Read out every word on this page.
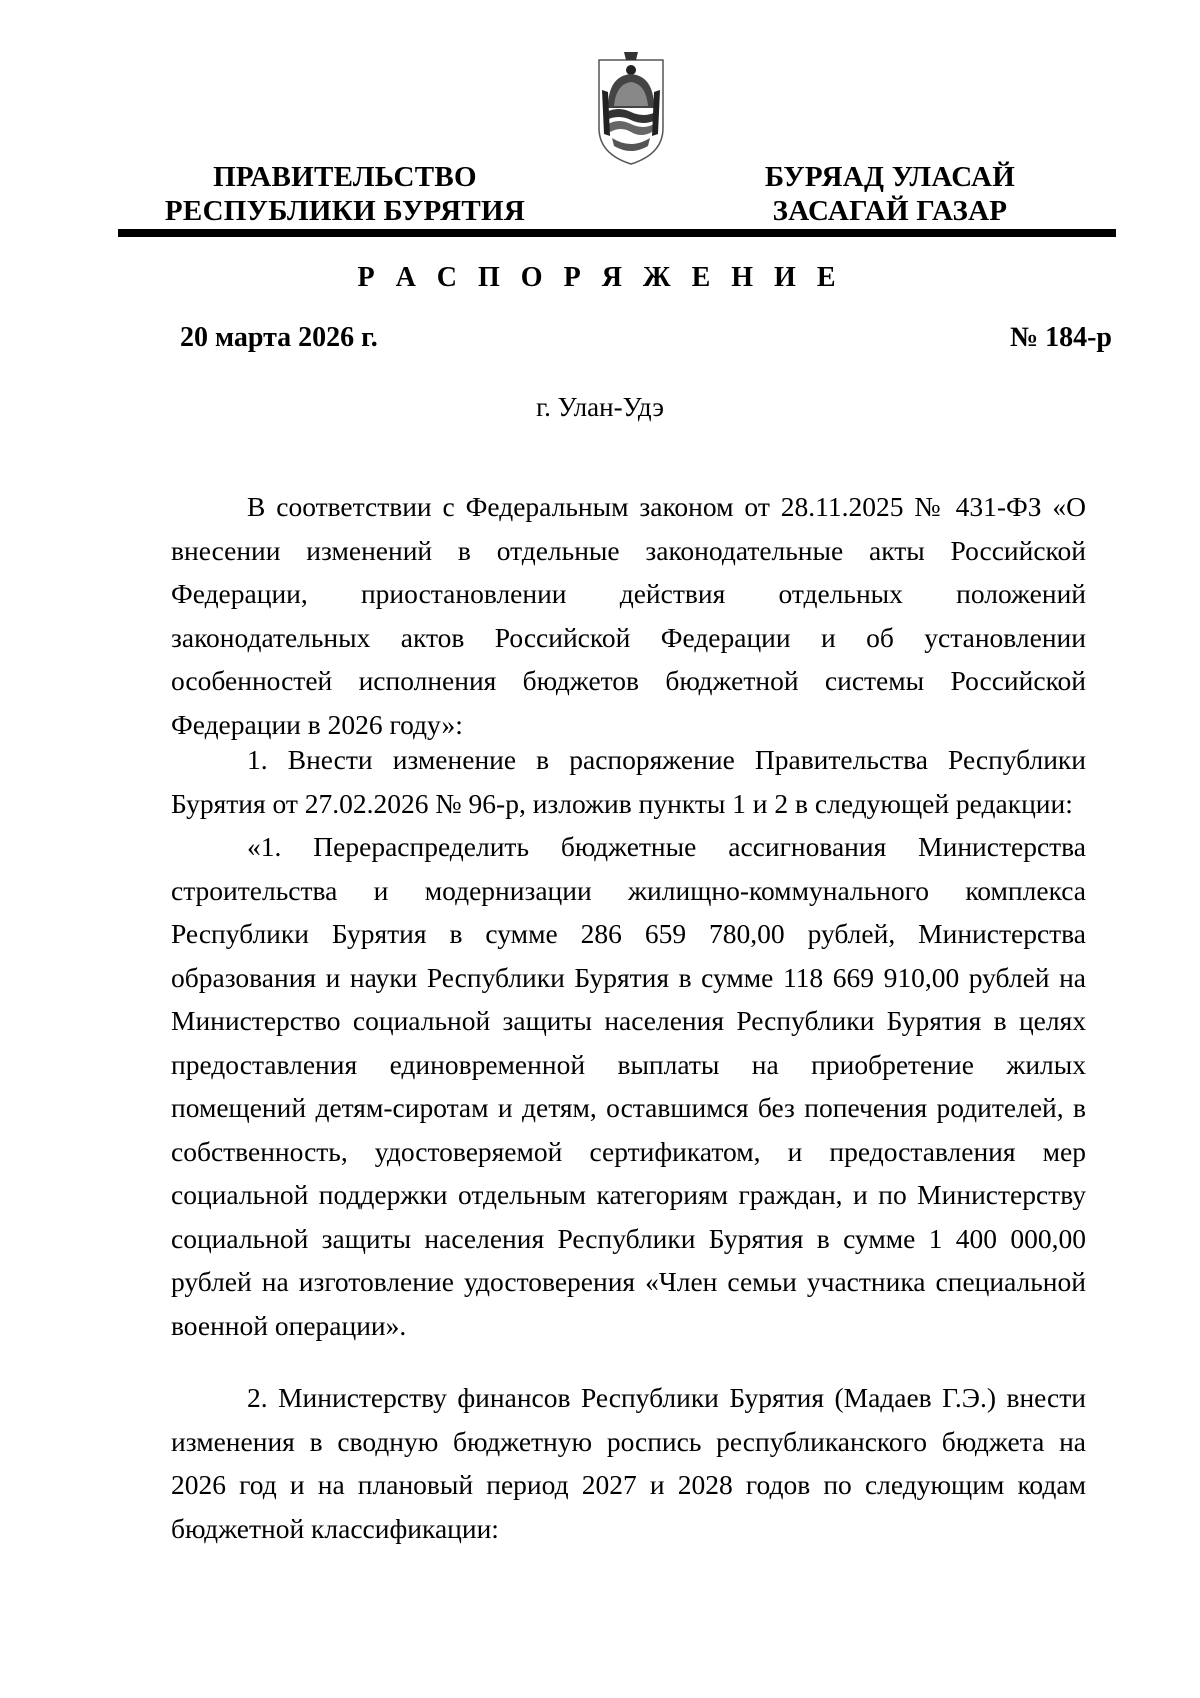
ПРАВИТЕЛЬСТВО
РЕСПУБЛИКИ БУРЯТИЯ
БУРЯАД УЛАСАЙ
ЗАСАГАЙ ГАЗАР
Р А С П О Р Я Ж Е Н И Е
20 марта 2026 г.	№ 184-р
г. Улан-Удэ

В соответствии с Федеральным законом от 28.11.2025 № 431-ФЗ «О внесении изменений в отдельные законодательные акты Российской Федерации, приостановлении действия отдельных положений законодательных актов Российской Федерации и об установлении особенностей исполнения бюджетов бюджетной системы Российской Федерации в 2026 году»:

1. Внести изменение в распоряжение Правительства Республики Бурятия от 27.02.2026 № 96-р, изложив пункты 1 и 2 в следующей редакции:

«1. Перераспределить бюджетные ассигнования Министерства строительства и модернизации жилищно-коммунального комплекса Республики Бурятия в сумме 286 659 780,00 рублей, Министерства образования и науки Республики Бурятия в сумме 118 669 910,00 рублей на Министерство социальной защиты населения Республики Бурятия в целях предоставления единовременной выплаты на приобретение жилых помещений детям-сиротам и детям, оставшимся без попечения родителей, в собственность, удостоверяемой сертификатом, и предоставления мер социальной поддержки отдельным категориям граждан, и по Министерству социальной защиты населения Республики Бурятия в сумме 1 400 000,00 рублей на изготовление удостоверения «Член семьи участника специальной военной операции».

2. Министерству финансов Республики Бурятия (Мадаев Г.Э.) внести изменения в сводную бюджетную роспись республиканского бюджета на 2026 год и на плановый период 2027 и 2028 годов по следующим кодам бюджетной классификации:
